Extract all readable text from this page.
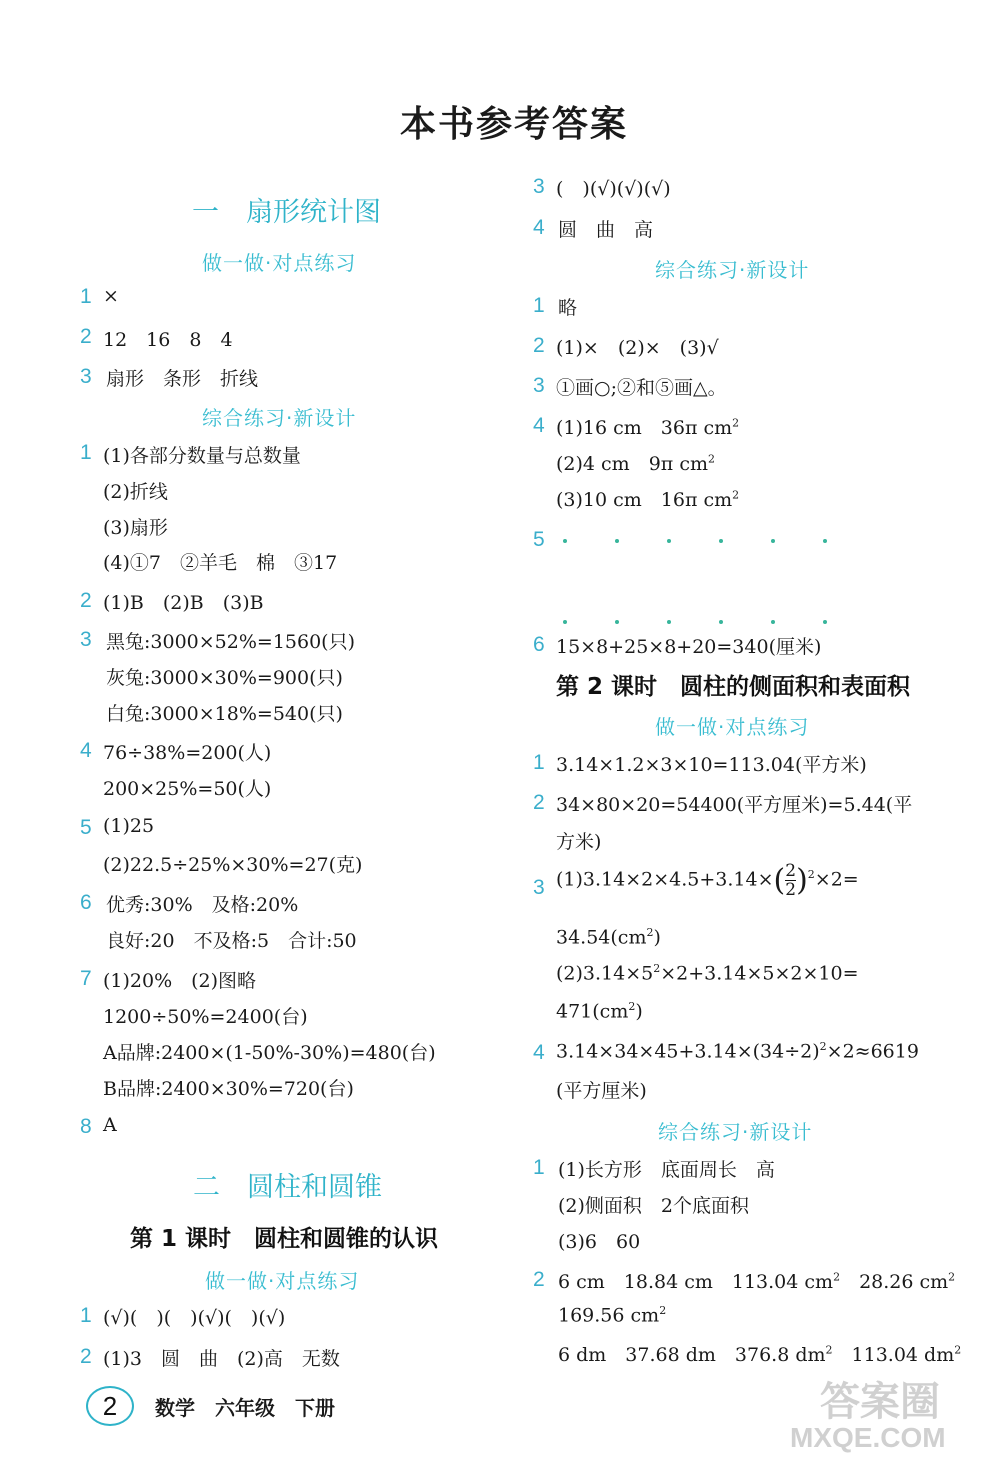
本书参考答案
一　扇形统计图
做一做·对点练习
1 ×
2 12　16　8　4
3 扇形　条形　折线
综合练习·新设计
1 (1)各部分数量与总数量
(2)折线
(3)扇形
(4)①7　②羊毛　棉　③17
2 (1)B　(2)B　(3)B
3 黑兔:3000×52%=1560(只)
灰兔:3000×30%=900(只)
白兔:3000×18%=540(只)
4 76÷38%=200(人)
200×25%=50(人)
5 (1)25
(2)22.5÷25%×30%=27(克)
6 优秀:30%　及格:20%
良好:20　不及格:5　合计:50
7 (1)20%　(2)图略
1200÷50%=2400(台)
A品牌:2400×(1-50%-30%)=480(台)
B品牌:2400×30%=720(台)
8 A
二　圆柱和圆锥
第 1 课时　圆柱和圆锥的认识
做一做·对点练习
1 (√)(　)(　)(√)(　)(√)
2 (1)3　圆　曲　(2)高　无数
3 (　)(√)(√)(√)
4 圆　曲　高
综合练习·新设计
1 略
2 (1)×　(2)×　(3)√
3 ①画○;②和⑤画△。
4 (1)16 cm　36π $cm^2$
(2)4 cm　9π $cm^2$
(3)10 cm　16π $cm^2$
5
6 15×8+25×8+20=340(厘米)
第 2 课时　圆柱的侧面积和表面积
做一做·对点练习
1 3.14×1.2×3×10=113.04(平方米)
2 34×80×20=54400(平方厘米)=5.44(平
方米)
3 $(1)3.14\times 2\times 4.5+3.14\times( \frac{2}{2} )^2\times 2=$
$34.54(cm^2)$
$(2)3.14\times 5^2\times 2+3.14\times 5\times 2\times 10=$
$471(cm^2)$
4 $3.14\times 34\times 45+3.14\times(34\div 2)^2\times 2\approx 6619$
(平方厘米)
综合练习·新设计
1 (1)长方形　底面周长　高
(2)侧面积　2个底面积
(3)6　60
2 6 cm　18.84 cm　113.04 $cm^2$　28.26 $cm^2$
169.56 $cm^2$
6 dm　37.68 dm　376.8 $dm^2$　113.04 $dm^2$
2	数学　六年级　下册	答案圈
MXQE.COM
